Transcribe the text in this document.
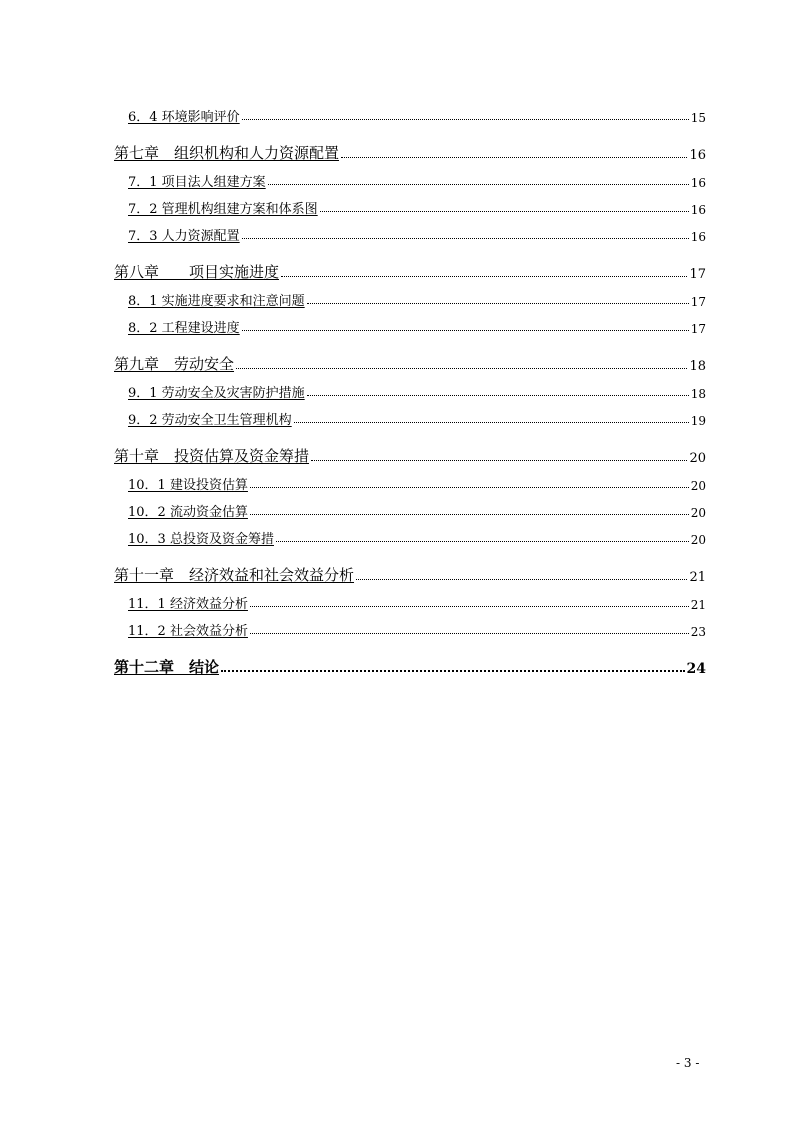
6．4 环境影响评价	15
第七章　组织机构和人力资源配置	16
7．1 项目法人组建方案	16
7．2 管理机构组建方案和体系图	16
7．3 人力资源配置	16
第八章　　项目实施进度	17
8．1 实施进度要求和注意问题	17
8．2 工程建设进度	17
第九章　劳动安全	18
9．1 劳动安全及灾害防护措施	18
9．2 劳动安全卫生管理机构	19
第十章　投资估算及资金筹措	20
10．1 建设投资估算	20
10．2 流动资金估算	20
10．3 总投资及资金筹措	20
第十一章　经济效益和社会效益分析	21
11．1 经济效益分析	21
11．2 社会效益分析	23
第十二章　结论	24
- 3 -
